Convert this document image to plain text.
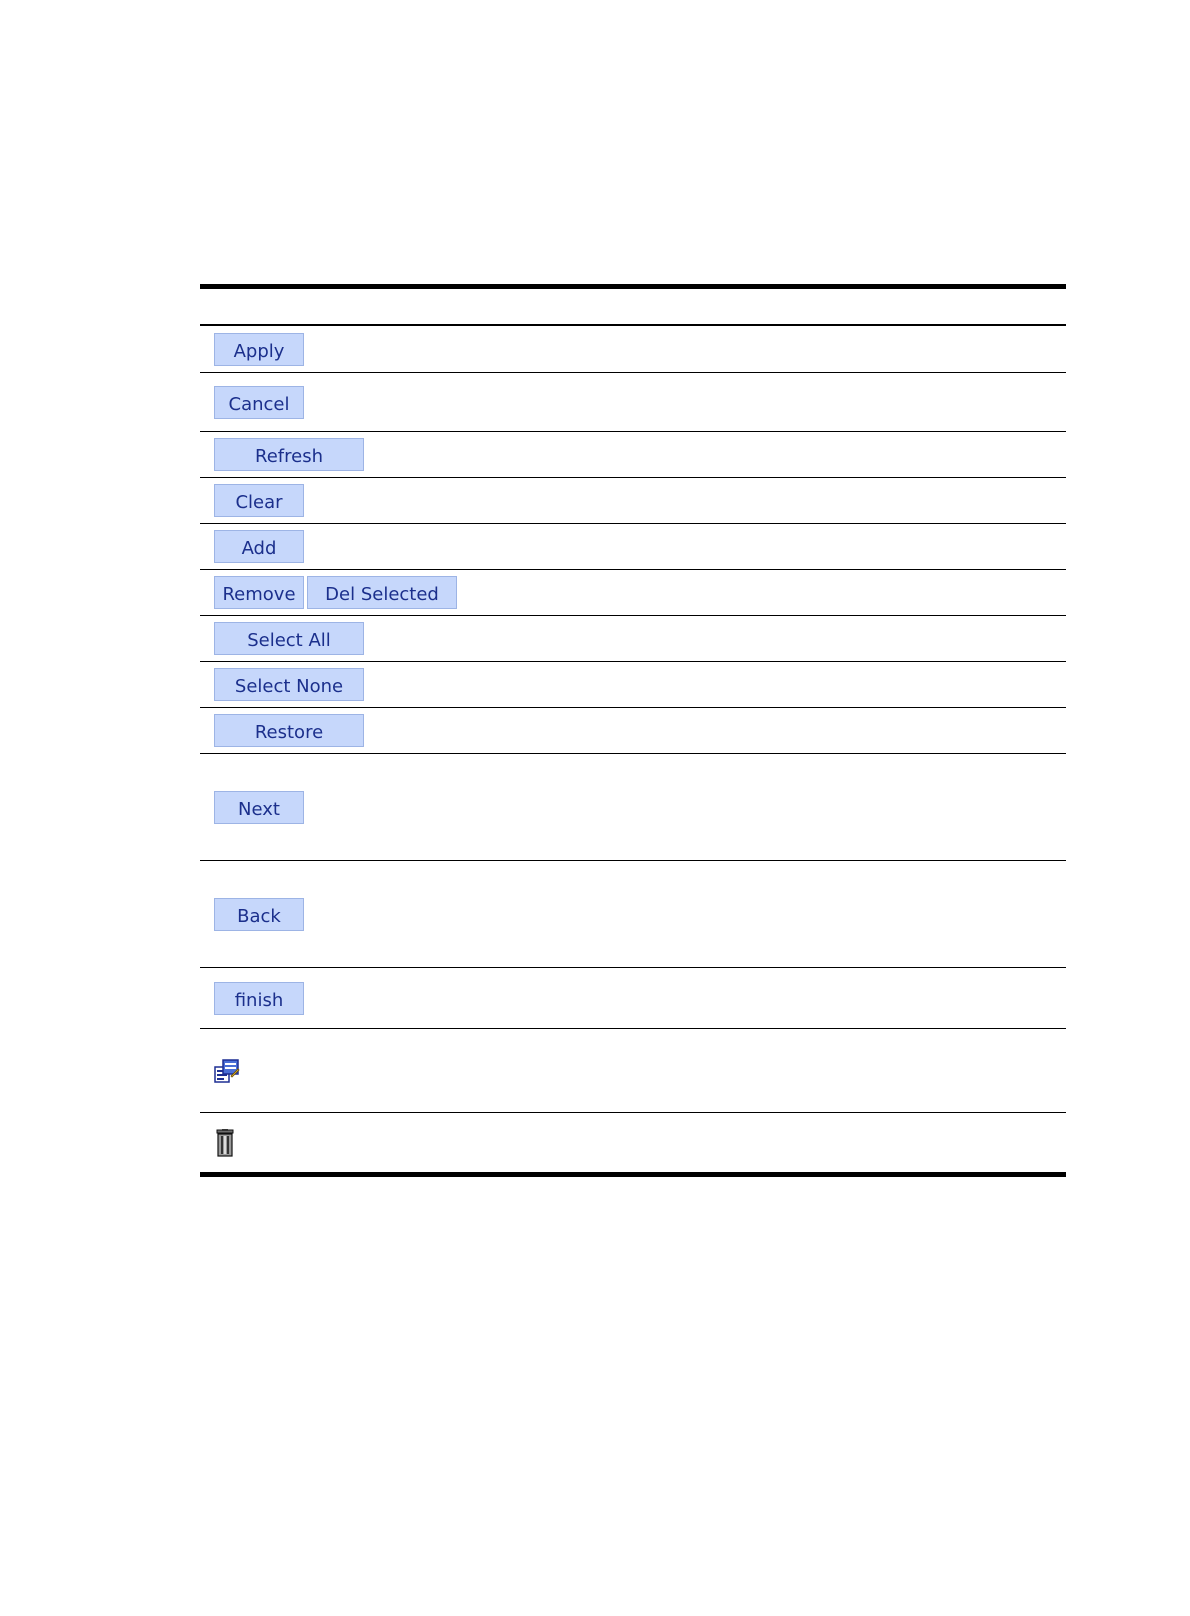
Apply
Cancel
Refresh
Clear
Add
Remove	Del Selected
Select All
Select None
Restore
Next
Back
finish
